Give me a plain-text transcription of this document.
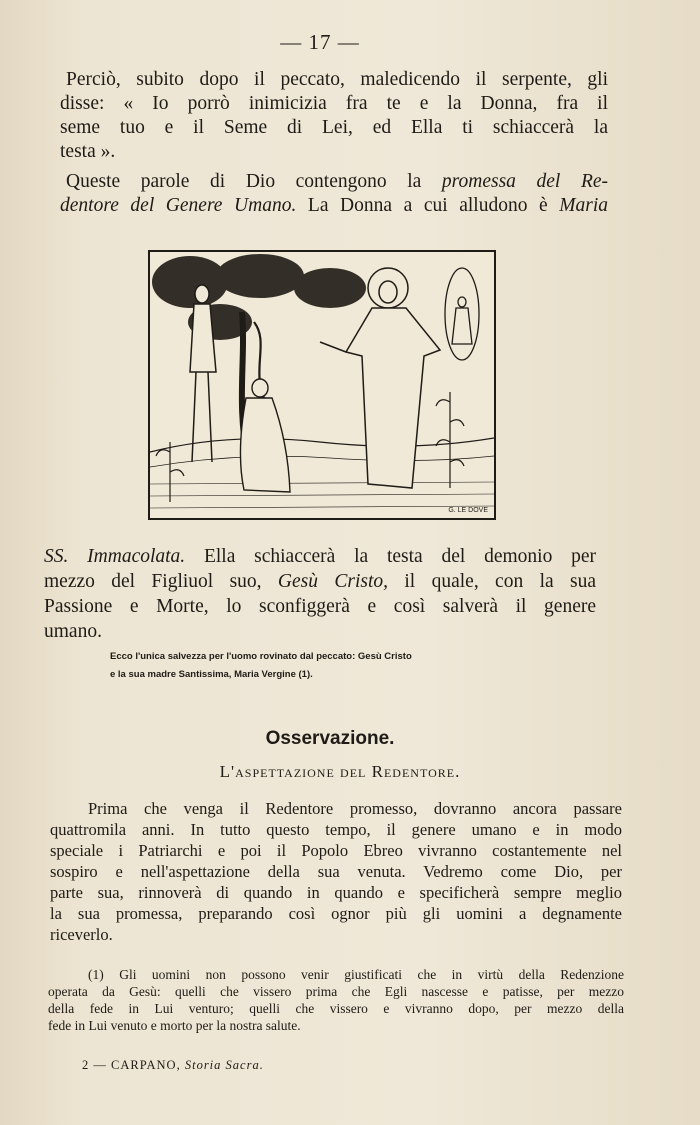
— 17 —
Perciò, subito dopo il peccato, maledicendo il serpente, gli
disse: « Io porrò inimicizia fra te e la Donna, fra il
seme tuo e il Seme di Lei, ed Ella ti schiaccerà la
testa ».
Queste parole di Dio contengono la promessa del Re-
dentore del Genere Umano. La Donna a cui alludono è Maria
G. LE DOVE
SS. Immacolata. Ella schiaccerà la testa del demonio per
mezzo del Figliuol suo, Gesù Cristo, il quale, con la sua
Passione e Morte, lo sconfiggerà e così salverà il genere
umano.
Ecco l'unica salvezza per l'uomo rovinato dal peccato: Gesù Cristo
e la sua madre Santissima, Maria Vergine (1).
Osservazione.
L'aspettazione del Redentore.
Prima che venga il Redentore promesso, dovranno ancora passare
quattromila anni. In tutto questo tempo, il genere umano e in modo
speciale i Patriarchi e poi il Popolo Ebreo vivranno costantemente nel
sospiro e nell'aspettazione della sua venuta. Vedremo come Dio, per
parte sua, rinnoverà di quando in quando e specificherà sempre meglio
la sua promessa, preparando così ognor più gli uomini a degnamente
riceverlo.
(1) Gli uomini non possono venir giustificati che in virtù della Redenzione
operata da Gesù: quelli che vissero prima che Egli nascesse e patisse, per mezzo
della fede in Lui venturo; quelli che vissero e vivranno dopo, per mezzo della
fede in Lui venuto e morto per la nostra salute.
2 — CARPANO, Storia Sacra.
